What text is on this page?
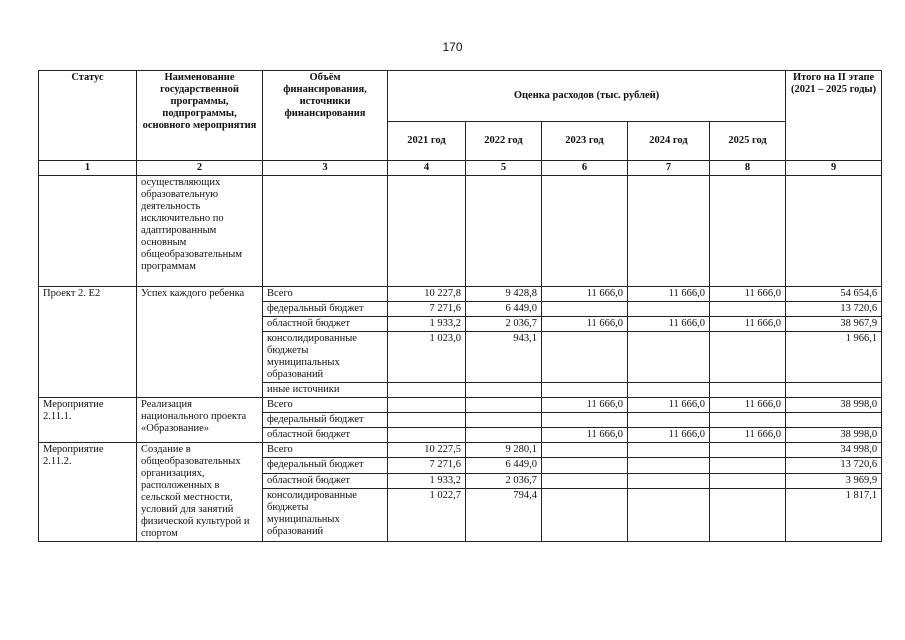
170
Статус	Наименование государственной программы, подпрограммы, основного мероприятия	Объём финансирования, источники финансирования	Оценка расходов (тыс. рублей)					Итого на II этапе (2021 – 2025 годы)
			2021 год	2022 год	2023 год	2024 год	2025 год	
1	2	3	4	5	6	7	8	9
	осуществляющих образовательную деятельность исключительно по адаптированным основным общеобразовательным программам							
Проект 2. Е2	Успех каждого ребенка	Всего	10 227,8	9 428,8	11 666,0	11 666,0	11 666,0	54 654,6
		федеральный бюджет	7 271,6	6 449,0				13 720,6
		областной бюджет	1 933,2	2 036,7	11 666,0	11 666,0	11 666,0	38 967,9
		консолидированные бюджеты муниципальных образований	1 023,0	943,1				1 966,1
		иные источники						
Мероприятие 2.11.1.	Реализация национального проекта «Образование»	Всего			11 666,0	11 666,0	11 666,0	38 998,0
		федеральный бюджет						
		областной бюджет			11 666,0	11 666,0	11 666,0	38 998,0
Мероприятие 2.11.2.	Создание в общеобразовательных организациях, расположенных в сельской местности, условий для занятий физической культурой и спортом	Всего	10 227,5	9 280,1				34 998,0
		федеральный бюджет	7 271,6	6 449,0				13 720,6
		областной бюджет	1 933,2	2 036,7				3 969,9
		консолидированные бюджеты муниципальных образований	1 022,7	794,4				1 817,1
